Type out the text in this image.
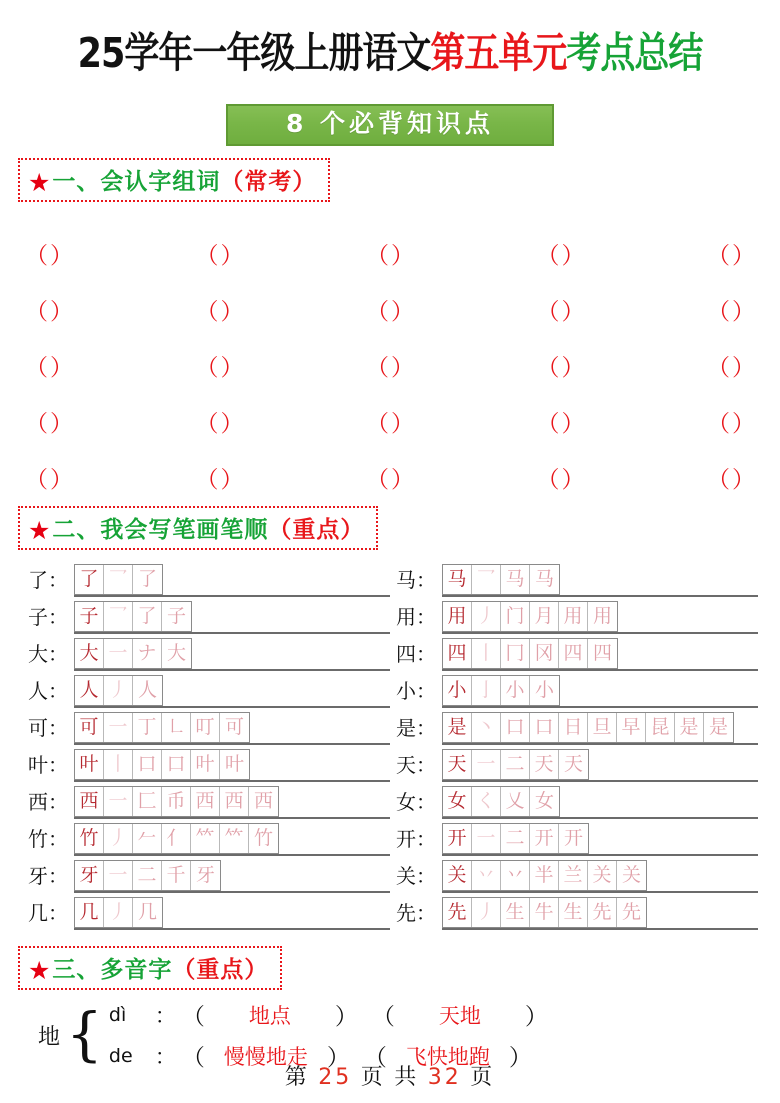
25学年一年级上册语文第五单元考点总结
8 个必背知识点
★一、会认字组词（常考）
（ ）	（ ）	（ ）	（ ）	（ ）
（ ）	（ ）	（ ）	（ ）	（ ）
（ ）	（ ）	（ ）	（ ）	（ ）
（ ）	（ ）	（ ）	（ ）	（ ）
（ ）	（ ）	（ ）	（ ）	（ ）
★二、我会写笔画笔顺（重点）
了： 了 乛 了
子： 子 乛 了 子
大： 大 一 ナ 大
人： 人 丿 人
可： 可 一 丁 ㇗ 叮 可
叶： 叶 丨 口 口 叶 叶
西： 西 一 匚 币 西 西 西
竹： 竹 丿 𠂉 亻 𥫗 𥫗 竹
牙： 牙 一 二 千 牙
几： 几 丿 几
马： 马 乛 马 马
用： 用 丿 门 月 用 用
四： 四 丨 冂 冈 四 四
小： 小 亅 小 小
是： 是 丶 口 口 日 旦 早 昆 是 是
天： 天 一 二 天 天
女： 女 く 乂 女
开： 开 一 二 开 开
关： 关 丷 丷 半 兰 关 关
先： 先 丿 生 牛 生 先 先
★三、多音字（重点）
地 { dì	： （	地点	） （	天地	）
de	： （ 慢慢地走 ） （ 飞快地跑 ）
第 25 页 共 32 页
